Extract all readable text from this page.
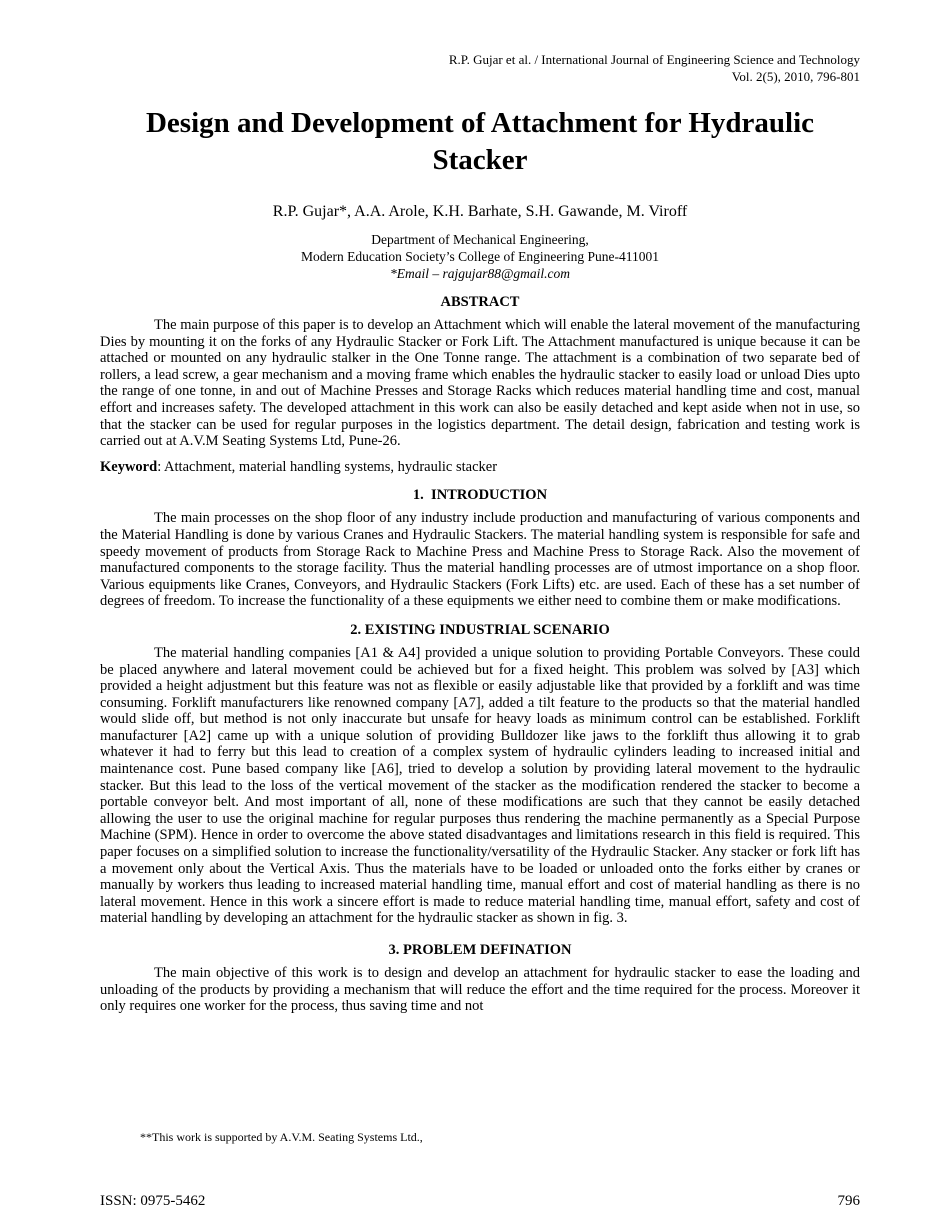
R.P. Gujar et al. / International Journal of Engineering Science and Technology
Vol. 2(5), 2010, 796-801
Design and Development of Attachment for Hydraulic Stacker
R.P. Gujar*, A.A. Arole, K.H. Barhate, S.H. Gawande, M. Viroff
Department of Mechanical Engineering,
Modern Education Society’s College of Engineering Pune-411001
*Email – rajgujar88@gmail.com
ABSTRACT

The main purpose of this paper is to develop an Attachment which will enable the lateral movement of the manufacturing Dies by mounting it on the forks of any Hydraulic Stacker or Fork Lift. The Attachment manufactured is unique because it can be attached or mounted on any hydraulic stalker in the One Tonne range. The attachment is a combination of two separate bed of rollers, a lead screw, a gear mechanism and a moving frame which enables the hydraulic stacker to easily load or unload Dies upto the range of one tonne, in and out of Machine Presses and Storage Racks which reduces material handling time and cost, manual effort and increases safety. The developed attachment in this work can also be easily detached and kept aside when not in use, so that the stacker can be used for regular purposes in the logistics department. The detail design, fabrication and testing work is carried out at A.V.M Seating Systems Ltd, Pune-26.

Keyword: Attachment, material handling systems, hydraulic stacker

1.  INTRODUCTION

The main processes on the shop floor of any industry include production and manufacturing of various components and the Material Handling is done by various Cranes and Hydraulic Stackers. The material handling system is responsible for safe and speedy movement of products from Storage Rack to Machine Press and Machine Press to Storage Rack. Also the movement of manufactured components to the storage facility. Thus the material handling processes are of utmost importance on a shop floor. Various equipments like Cranes, Conveyors, and Hydraulic Stackers (Fork Lifts) etc. are used. Each of these has a set number of degrees of freedom. To increase the functionality of a these equipments we either need to combine them or make modifications.

2. EXISTING INDUSTRIAL SCENARIO

The material handling companies [A1 & A4] provided a unique solution to providing Portable Conveyors. These could be placed anywhere and lateral movement could be achieved but for a fixed height. This problem was solved by [A3] which provided a height adjustment but this feature was not as flexible or easily adjustable like that provided by a forklift and was time consuming. Forklift manufacturers like renowned company [A7], added a tilt feature to the products so that the material handled would slide off, but method is not only inaccurate but unsafe for heavy loads as minimum control can be established. Forklift manufacturer [A2] came up with a unique solution of providing Bulldozer like jaws to the forklift thus allowing it to grab whatever it had to ferry but this lead to creation of a complex system of hydraulic cylinders leading to increased initial and maintenance cost. Pune based company like [A6], tried to develop a solution by providing lateral movement to the hydraulic stacker. But this lead to the loss of the vertical movement of the stacker as the modification rendered the stacker to become a portable conveyor belt. And most important of all, none of these modifications are such that they cannot be easily detached allowing the user to use the original machine for regular purposes thus rendering the machine permanently as a Special Purpose Machine (SPM). Hence in order to overcome the above stated disadvantages and limitations research in this field is required. This paper focuses on a simplified solution to increase the functionality/versatility of the Hydraulic Stacker. Any stacker or fork lift has a movement only about the Vertical Axis. Thus the materials have to be loaded or unloaded onto the forks either by cranes or manually by workers thus leading to increased material handling time, manual effort and cost of material handling as there is no lateral movement. Hence in this work a sincere effort is made to reduce material handling time, manual effort, safety and cost of material handling by developing an attachment for the hydraulic stacker as shown in fig. 3.

3. PROBLEM DEFINATION

The main objective of this work is to design and develop an attachment for hydraulic stacker to ease the loading and unloading of the products by providing a mechanism that will reduce the effort and the time required for the process. Moreover it only requires one worker for the process, thus saving time and not

**This work is supported by A.V.M. Seating Systems Ltd.,
ISSN: 0975-5462	796
